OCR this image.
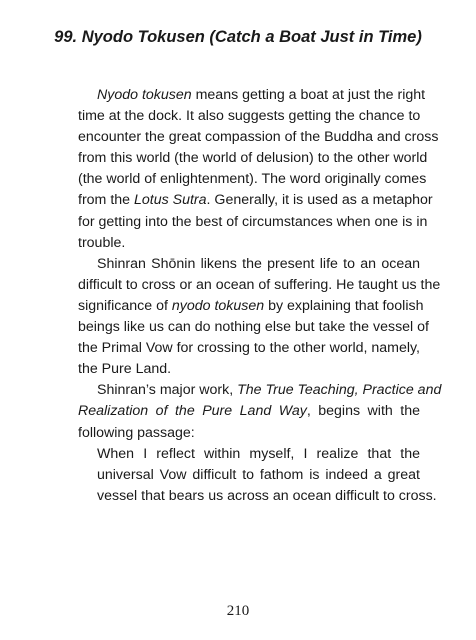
99. Nyodo Tokusen (Catch a Boat Just in Time)
Nyodo tokusen means getting a boat at just the right
time at the dock. It also suggests getting the chance to
encounter the great compassion of the Buddha and cross
from this world (the world of delusion) to the other world
(the world of enlightenment). The word originally comes
from the Lotus Sutra. Generally, it is used as a metaphor
for getting into the best of circumstances when one is in
trouble.
Shinran Shōnin likens the present life to an ocean
difficult to cross or an ocean of suffering. He taught us the
significance of nyodo tokusen by explaining that foolish
beings like us can do nothing else but take the vessel of
the Primal Vow for crossing to the other world, namely,
the Pure Land.
Shinran’s major work, The True Teaching, Practice and
Realization of the Pure Land Way, begins with the
following passage:
When I reflect within myself, I realize that the
universal Vow difficult to fathom is indeed a great
vessel that bears us across an ocean difficult to cross.
210
